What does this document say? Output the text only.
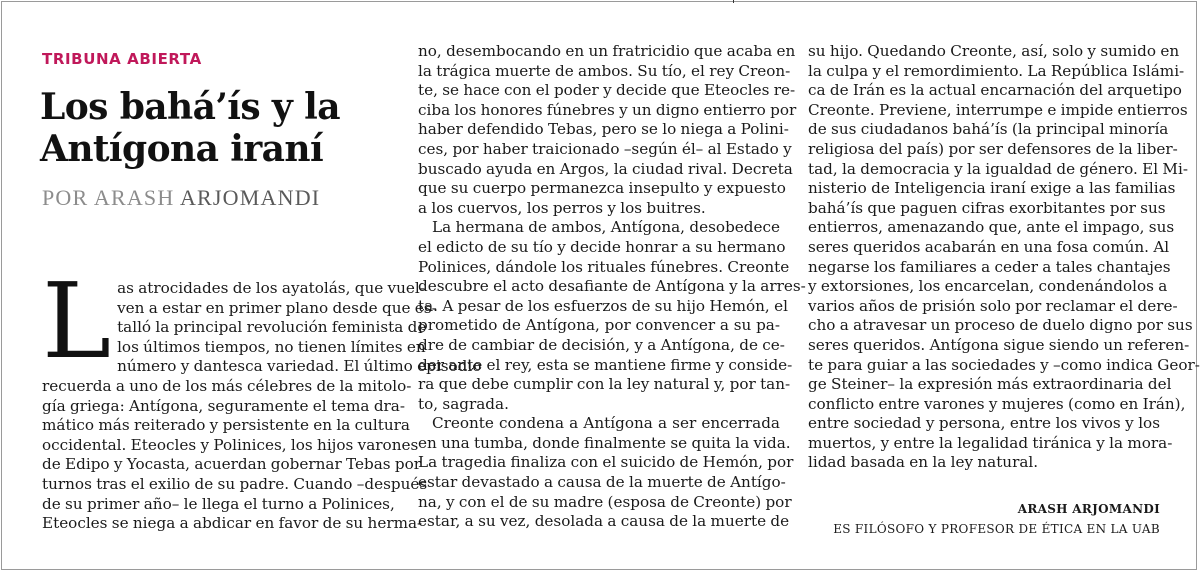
TRIBUNA ABIERTA
Los bahá’ís y la Antígona iraní
POR ARASH ARJOMANDI
L as atrocidades de los ayatolás, que vuel-
ven a estar en primer plano desde que es-
talló la principal revolución feminista de
los últimos tiempos, no tienen límites en
número y dantesca variedad. El último episodio
recuerda a uno de los más célebres de la mitolo-
gía griega: Antígona, seguramente el tema dra-
mático más reiterado y persistente en la cultura
occidental. Eteocles y Polinices, los hijos varones
de Edipo y Yocasta, acuerdan gobernar Tebas por
turnos tras el exilio de su padre. Cuando –después
de su primer año– le llega el turno a Polinices,
Eteocles se niega a abdicar en favor de su herma-
no, desembocando en un fratricidio que acaba en
la trágica muerte de ambos. Su tío, el rey Creon-
te, se hace con el poder y decide que Eteocles re-
ciba los honores fúnebres y un digno entierro por
haber defendido Tebas, pero se lo niega a Polini-
ces, por haber traicionado –según él– al Estado y
buscado ayuda en Argos, la ciudad rival. Decreta
que su cuerpo permanezca insepulto y expuesto
a los cuervos, los perros y los buitres.
La hermana de ambos, Antígona, desobedece
el edicto de su tío y decide honrar a su hermano
Polinices, dándole los rituales fúnebres. Creonte
descubre el acto desafiante de Antígona y la arres-
ta. A pesar de los esfuerzos de su hijo Hemón, el
prometido de Antígona, por convencer a su pa-
dre de cambiar de decisión, y a Antígona, de ce-
der ante el rey, esta se mantiene firme y conside-
ra que debe cumplir con la ley natural y, por tan-
to, sagrada.
Creonte condena a Antígona a ser encerrada
en una tumba, donde finalmente se quita la vida.
La tragedia finaliza con el suicido de Hemón, por
estar devastado a causa de la muerte de Antígo-
na, y con el de su madre (esposa de Creonte) por
estar, a su vez, desolada a causa de la muerte de
su hijo. Quedando Creonte, así, solo y sumido en
la culpa y el remordimiento. La República Islámi-
ca de Irán es la actual encarnación del arquetipo
Creonte. Previene, interrumpe e impide entierros
de sus ciudadanos bahá’ís (la principal minoría
religiosa del país) por ser defensores de la liber-
tad, la democracia y la igualdad de género. El Mi-
nisterio de Inteligencia iraní exige a las familias
bahá’ís que paguen cifras exorbitantes por sus
entierros, amenazando que, ante el impago, sus
seres queridos acabarán en una fosa común. Al
negarse los familiares a ceder a tales chantajes
y extorsiones, los encarcelan, condenándolos a
varios años de prisión solo por reclamar el dere-
cho a atravesar un proceso de duelo digno por sus
seres queridos. Antígona sigue siendo un referen-
te para guiar a las sociedades y –como indica Geor-
ge Steiner– la expresión más extraordinaria del
conflicto entre varones y mujeres (como en Irán),
entre sociedad y persona, entre los vivos y los
muertos, y entre la legalidad tiránica y la mora-
lidad basada en la ley natural.
ARASH ARJOMANDI
ES FILÓSOFO Y PROFESOR DE ÉTICA EN LA UAB
